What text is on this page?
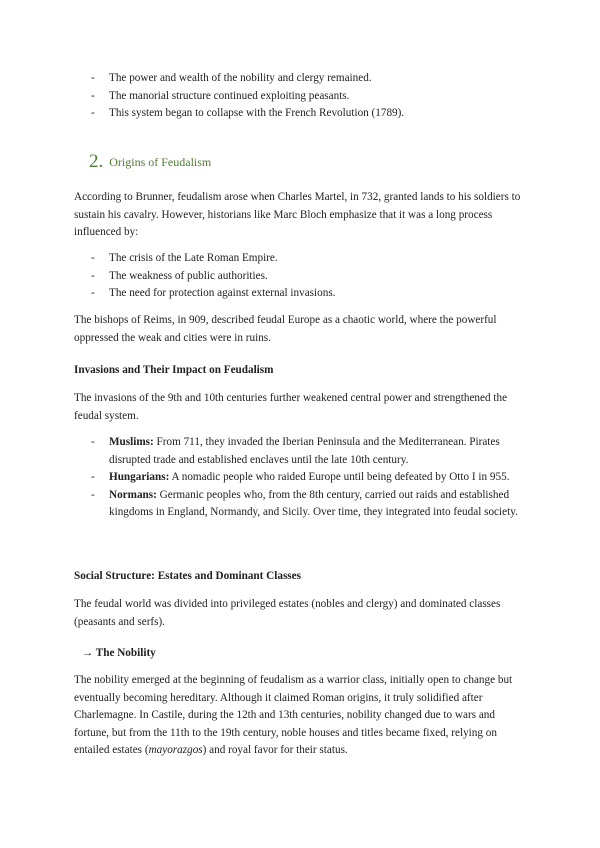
- The power and wealth of the nobility and clergy remained.
- The manorial structure continued exploiting peasants.
- This system began to collapse with the French Revolution (1789).
2. Origins of Feudalism

According to Brunner, feudalism arose when Charles Martel, in 732, granted lands to his soldiers to sustain his cavalry. However, historians like Marc Bloch emphasize that it was a long process influenced by:

- The crisis of the Late Roman Empire.
- The weakness of public authorities.
- The need for protection against external invasions.

The bishops of Reims, in 909, described feudal Europe as a chaotic world, where the powerful oppressed the weak and cities were in ruins.

Invasions and Their Impact on Feudalism

The invasions of the 9th and 10th centuries further weakened central power and strengthened the feudal system.

- Muslims: From 711, they invaded the Iberian Peninsula and the Mediterranean. Pirates disrupted trade and established enclaves until the late 10th century.
- Hungarians: A nomadic people who raided Europe until being defeated by Otto I in 955.
- Normans: Germanic peoples who, from the 8th century, carried out raids and established kingdoms in England, Normandy, and Sicily. Over time, they integrated into feudal society.
Social Structure: Estates and Dominant Classes

The feudal world was divided into privileged estates (nobles and clergy) and dominated classes (peasants and serfs).

→ The Nobility

The nobility emerged at the beginning of feudalism as a warrior class, initially open to change but eventually becoming hereditary. Although it claimed Roman origins, it truly solidified after Charlemagne. In Castile, during the 12th and 13th centuries, nobility changed due to wars and fortune, but from the 11th to the 19th century, noble houses and titles became fixed, relying on entailed estates (mayorazgos) and royal favor for their status.
